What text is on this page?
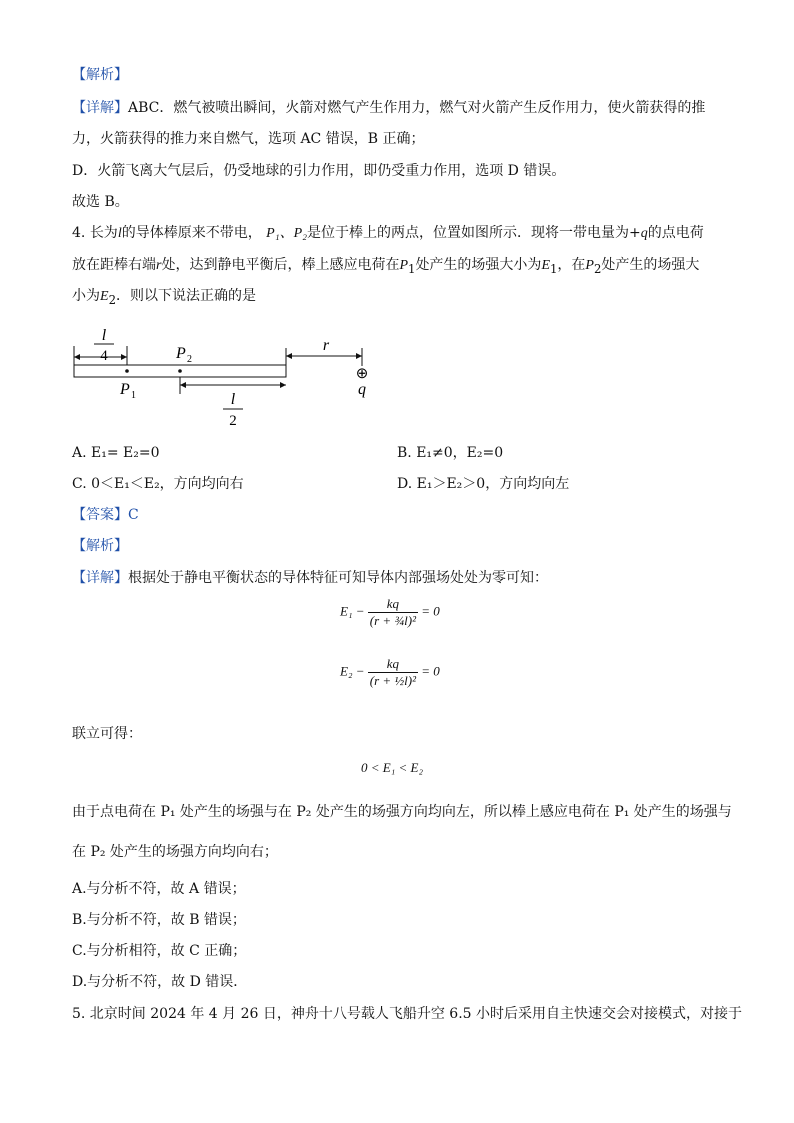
【解析】
【详解】ABC．燃气被喷出瞬间，火箭对燃气产生作用力，燃气对火箭产生反作用力，使火箭获得的推
力，火箭获得的推力来自燃气，选项 AC 错误，B 正确；
D．火箭飞离大气层后，仍受地球的引力作用，即仍受重力作用，选项 D 错误。
故选 B。
4. 长为l的导体棒原来不带电， P₁、P₂是位于棒上的两点，位置如图所示．现将一带电量为+q的点电荷
放在距棒右端r处，达到静电平衡后，棒上感应电荷在$P_1$处产生的场强大小为$E_1$，在$P_2$处产生的场强大
小为$E_2$．则以下说法正确的是
l
4	P 2
P 1
r
⊕
q
l
2
A. E₁= E₂=0	B. E₁≠0，E₂=0
C. 0＜E₁＜E₂，方向均向右	D. E₁＞E₂＞0，方向均向左
【答案】C
【解析】
【详解】根据处于静电平衡状态的导体特征可知导体内部强场处处为零可知：
$E_1 - \frac{kq}{\text{(r + ¾l)²}} = 0$
$E_2 - \frac{kq}{\text{(r + ½l)²}} = 0$
联立可得：
0 < E₁ < E₂
由于点电荷在 P₁ 处产生的场强与在 P₂ 处产生的场强方向均向左，所以棒上感应电荷在 P₁ 处产生的场强与
在 P₂ 处产生的场强方向均向右；
A.与分析不符，故 A 错误；
B.与分析不符，故 B 错误；
C.与分析相符，故 C 正确；
D.与分析不符，故 D 错误．
5. 北京时间 2024 年 4 月 26 日，神舟十八号载人飞船升空 6.5 小时后采用自主快速交会对接模式，对接于
